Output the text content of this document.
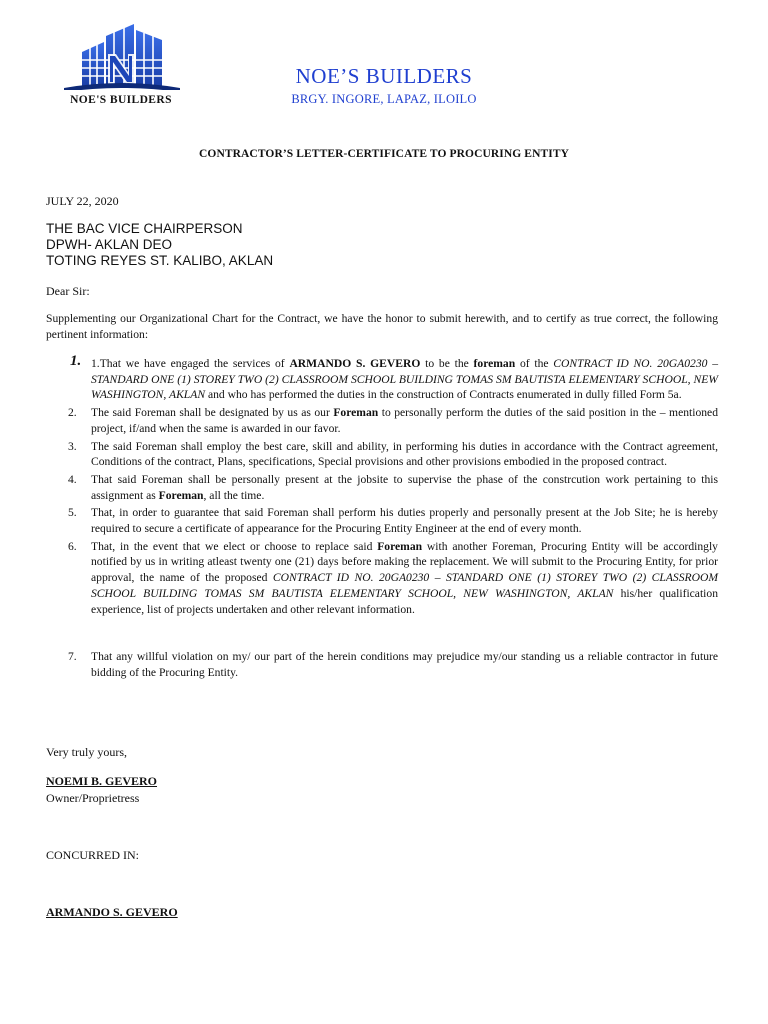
NOE'S BUILDERS
NOE’S BUILDERS
BRGY. INGORE, LAPAZ, ILOILO
CONTRACTOR’S LETTER-CERTIFICATE TO PROCURING ENTITY
JULY 22, 2020
THE BAC VICE CHAIRPERSON
DPWH- AKLAN DEO
TOTING REYES ST. KALIBO, AKLAN
Dear Sir:
Supplementing our Organizational Chart for the Contract, we have the honor to submit herewith, and to certify as true correct, the following pertinent information:
1. 1.That we have engaged the services of ARMANDO S. GEVERO to be the foreman of the CONTRACT ID NO. 20GA0230 – STANDARD ONE (1) STOREY TWO (2) CLASSROOM SCHOOL BUILDING TOMAS SM BAUTISTA ELEMENTARY SCHOOL, NEW WASHINGTON, AKLAN and who has performed the duties in the construction of Contracts enumerated in dully filled Form 5a.
2. The said Foreman shall be designated by us as our Foreman to personally perform the duties of the said position in the – mentioned project, if/and when the same is awarded in our favor.
3. The said Foreman shall employ the best care, skill and ability, in performing his duties in accordance with the Contract agreement, Conditions of the contract, Plans, specifications, Special provisions and other provisions embodied in the proposed contract.
4. That said Foreman shall be personally present at the jobsite to supervise the phase of the constrcution work pertaining to this assignment as Foreman, all the time.
5. That, in order to guarantee that said Foreman shall perform his duties properly and personally present at the Job Site; he is hereby required to secure a certificate of appearance for the Procuring Entity Engineer at the end of every month.
6. That, in the event that we elect or choose to replace said Foreman with another Foreman, Procuring Entity will be accordingly notified by us in writing atleast twenty one (21) days before making the replacement. We will submit to the Procuring Entity, for prior approval, the name of the proposed CONTRACT ID NO. 20GA0230 – STANDARD ONE (1) STOREY TWO (2) CLASSROOM SCHOOL BUILDING TOMAS SM BAUTISTA ELEMENTARY SCHOOL, NEW WASHINGTON, AKLAN his/her qualification experience, list of projects undertaken and other relevant information.
7. That any willful violation on my/ our part of the herein conditions may prejudice my/our standing us a reliable contractor in future bidding of the Procuring Entity.
Very truly yours,
NOEMI B. GEVERO
Owner/Proprietress
CONCURRED IN:
ARMANDO S. GEVERO
